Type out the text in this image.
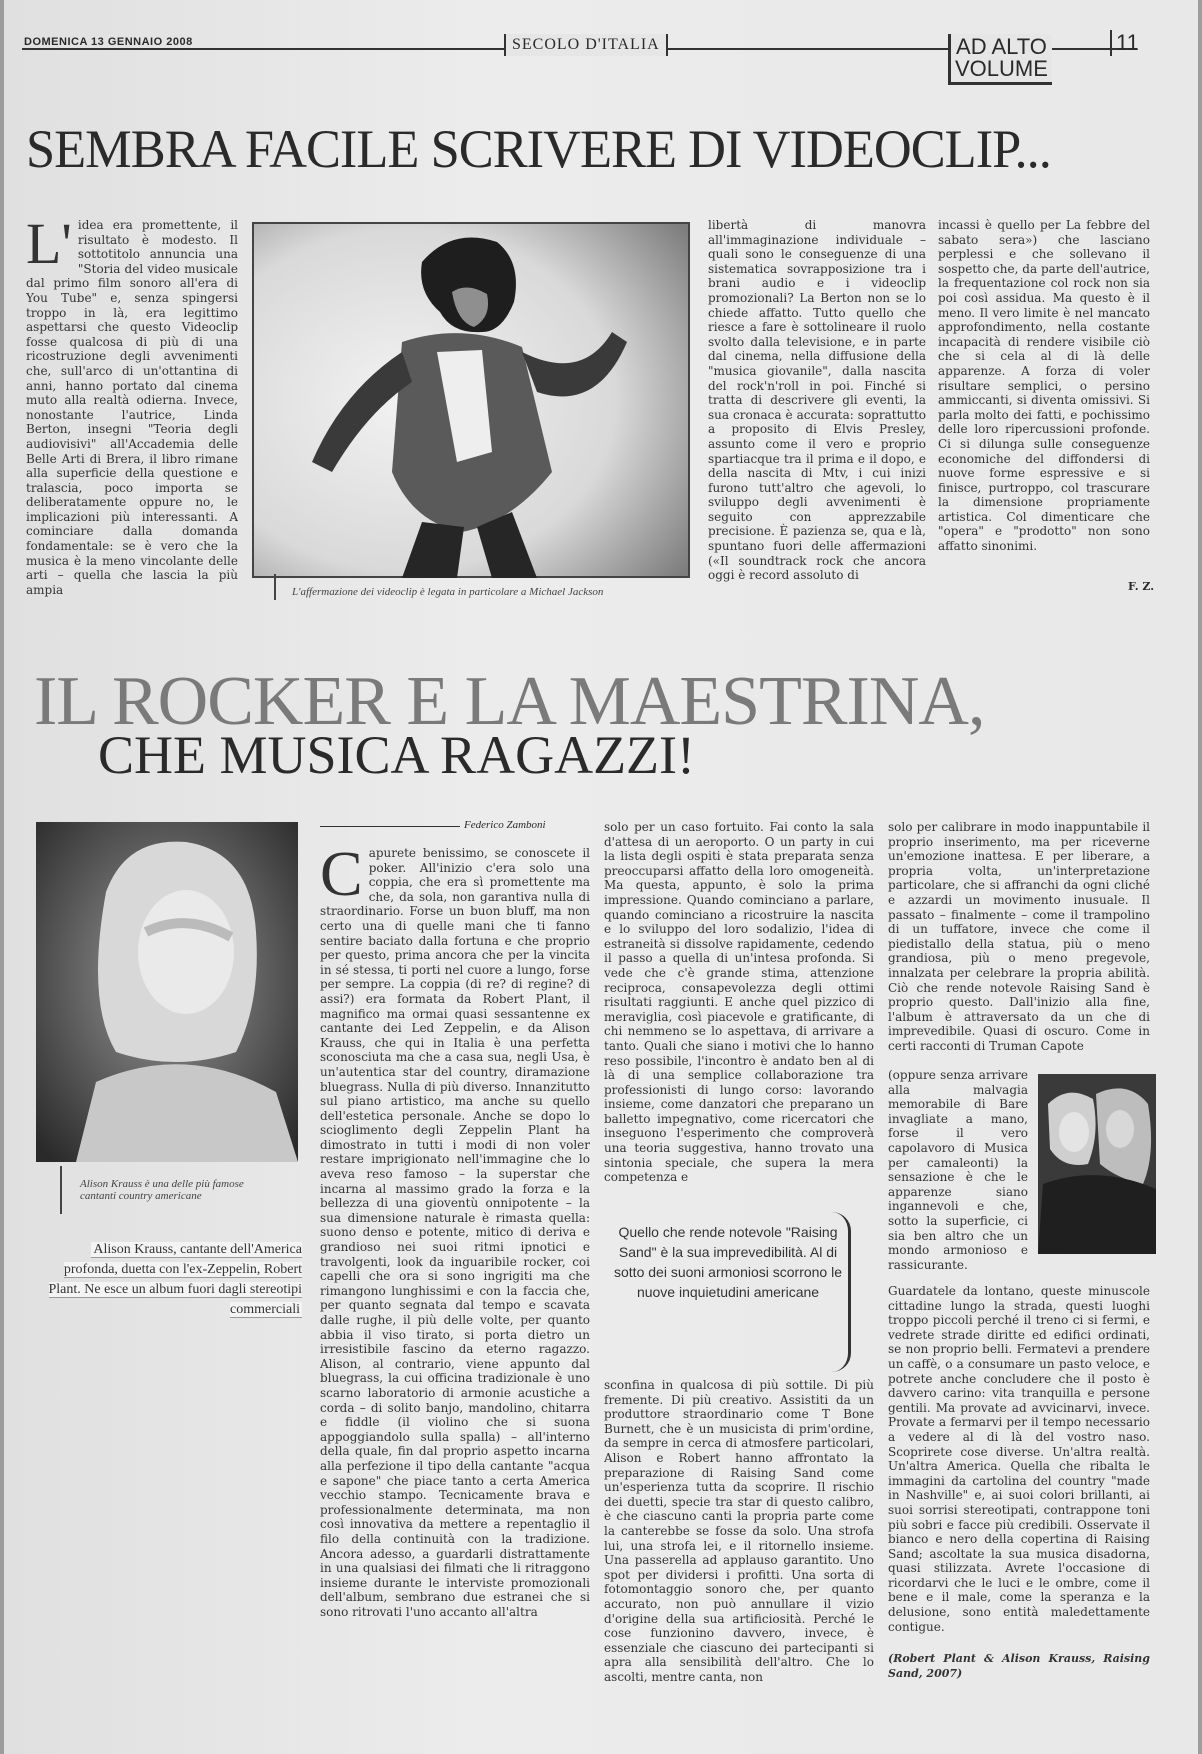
DOMENICA 13 GENNAIO 2008	SECOLO D'ITALIA	AD ALTO
VOLUME
11
SEMBRA FACILE SCRIVERE DI VIDEOCLIP...
L' idea era promettente, il risultato è modesto. Il sottotitolo annuncia una "Storia del video musicale dal primo film sonoro all'era di You Tube" e, senza spingersi troppo in là, era legittimo aspettarsi che questo Videoclip fosse qualcosa di più di una ricostruzione degli avvenimenti che, sull'arco di un'ottantina di anni, hanno portato dal cinema muto alla realtà odierna. Invece, nonostante l'autrice, Linda Berton, insegni "Teoria degli audiovisivi" all'Accademia delle Belle Arti di Brera, il libro rimane alla superficie della questione e tralascia, poco importa se deliberatamente oppure no, le implicazioni più interessanti. A cominciare dalla domanda fondamentale: se è vero che la musica è la meno vincolante delle arti – quella che lascia la più ampia	L'affermazione dei videoclip è legata in particolare a Michael Jackson
libertà di manovra all'immaginazione individuale – quali sono le conseguenze di una sistematica sovrapposizione tra i brani audio e i videoclip promozionali? La Berton non se lo chiede affatto. Tutto quello che riesce a fare è sottolineare il ruolo svolto dalla televisione, e in parte dal cinema, nella diffusione della "musica giovanile", dalla nascita del rock'n'roll in poi. Finché si tratta di descrivere gli eventi, la sua cronaca è accurata: soprattutto a proposito di Elvis Presley, assunto come il vero e proprio spartiacque tra il prima e il dopo, e della nascita di Mtv, i cui inizi furono tutt'altro che agevoli, lo sviluppo degli avvenimenti è seguito con apprezzabile precisione. È pazienza se, qua e là, spuntano fuori delle affermazioni («Il soundtrack rock che ancora oggi è record assoluto di
incassi è quello per La febbre del sabato sera») che lasciano perplessi e che sollevano il sospetto che, da parte dell'autrice, la frequentazione col rock non sia poi così assidua. Ma questo è il meno. Il vero limite è nel mancato approfondimento, nella costante incapacità di rendere visibile ciò che si cela al di là delle apparenze. A forza di voler risultare semplici, o persino ammiccanti, si diventa omissivi. Si parla molto dei fatti, e pochissimo delle loro ripercussioni profonde. Ci si dilunga sulle conseguenze economiche del diffondersi di nuove forme espressive e si finisce, purtroppo, col trascurare la dimensione propriamente artistica. Col dimenticare che "opera" e "prodotto" non sono affatto sinonimi.
F. Z.
IL ROCKER E LA MAESTRINA,
CHE MUSICA RAGAZZI!
Alison Krauss è una delle più famose cantanti country americane
Alison Krauss, cantante dell'America profonda, duetta con l'ex-Zeppelin, Robert Plant. Ne esce un album fuori dagli stereotipi commerciali
Federico Zamboni
C apurete benissimo, se conoscete il poker. All'inizio c'era solo una coppia, che era sì promettente ma che, da sola, non garantiva nulla di straordinario. Forse un buon bluff, ma non certo una di quelle mani che ti fanno sentire baciato dalla fortuna e che proprio per questo, prima ancora che per la vincita in sé stessa, ti porti nel cuore a lungo, forse per sempre. La coppia (di re? di regine? di assi?) era formata da Robert Plant, il magnifico ma ormai quasi sessantenne ex cantante dei Led Zeppelin, e da Alison Krauss, che qui in Italia è una perfetta sconosciuta ma che a casa sua, negli Usa, è un'autentica star del country, diramazione bluegrass. Nulla di più diverso. Innanzitutto sul piano artistico, ma anche su quello dell'estetica personale. Anche se dopo lo scioglimento degli Zeppelin Plant ha dimostrato in tutti i modi di non voler restare imprigionato nell'immagine che lo aveva reso famoso – la superstar che incarna al massimo grado la forza e la bellezza di una gioventù onnipotente – la sua dimensione naturale è rimasta quella: suono denso e potente, mitico di deriva e grandioso nei suoi ritmi ipnotici e travolgenti, look da inguaribile rocker, coi capelli che ora si sono ingrigiti ma che rimangono lunghissimi e con la faccia che, per quanto segnata dal tempo e scavata dalle rughe, il più delle volte, per quanto abbia il viso tirato, si porta dietro un irresistibile fascino da eterno ragazzo. Alison, al contrario, viene appunto dal bluegrass, la cui officina tradizionale è uno scarno laboratorio di armonie acustiche a corda – di solito banjo, mandolino, chitarra e fiddle (il violino che si suona appoggiandolo sulla spalla) – all'interno della quale, fin dal proprio aspetto incarna alla perfezione il tipo della cantante "acqua e sapone" che piace tanto a certa America vecchio stampo. Tecnicamente brava e professionalmente determinata, ma non così innovativa da mettere a repentaglio il filo della continuità con la tradizione. Ancora adesso, a guardarli distrattamente in una qualsiasi dei filmati che li ritraggono insieme durante le interviste promozionali dell'album, sembrano due estranei che si sono ritrovati l'uno accanto all'altra
solo per un caso fortuito. Fai conto la sala d'attesa di un aeroporto. O un party in cui la lista degli ospiti è stata preparata senza preoccuparsi affatto della loro omogeneità. Ma questa, appunto, è solo la prima impressione. Quando cominciano a parlare, quando cominciano a ricostruire la nascita e lo sviluppo del loro sodalizio, l'idea di estraneità si dissolve rapidamente, cedendo il passo a quella di un'intesa profonda. Si vede che c'è grande stima, attenzione reciproca, consapevolezza degli ottimi risultati raggiunti. E anche quel pizzico di meraviglia, così piacevole e gratificante, di chi nemmeno se lo aspettava, di arrivare a tanto. Quali che siano i motivi che lo hanno reso possibile, l'incontro è andato ben al di là di una semplice collaborazione tra professionisti di lungo corso: lavorando insieme, come danzatori che preparano un balletto impegnativo, come ricercatori che inseguono l'esperimento che comproverà una teoria suggestiva, hanno trovato una sintonia speciale, che supera la mera competenza e
Quello che rende notevole "Raising Sand" è la sua imprevedibilità. Al di sotto dei suoni armoniosi scorrono le nuove inquietudini americane
sconfina in qualcosa di più sottile. Di più fremente. Di più creativo. Assistiti da un produttore straordinario come T Bone Burnett, che è un musicista di prim'ordine, da sempre in cerca di atmosfere particolari, Alison e Robert hanno affrontato la preparazione di Raising Sand come un'esperienza tutta da scoprire. Il rischio dei duetti, specie tra star di questo calibro, è che ciascuno canti la propria parte come la canterebbe se fosse da solo. Una strofa lui, una strofa lei, e il ritornello insieme. Una passerella ad applauso garantito. Uno spot per dividersi i profitti. Una sorta di fotomontaggio sonoro che, per quanto accurato, non può annullare il vizio d'origine della sua artificiosità. Perché le cose funzionino davvero, invece, è essenziale che ciascuno dei partecipanti si apra alla sensibilità dell'altro. Che lo ascolti, mentre canta, non
solo per calibrare in modo inappuntabile il proprio inserimento, ma per riceverne un'emozione inattesa. E per liberare, a propria volta, un'interpretazione particolare, che si affranchi da ogni cliché e azzardi un movimento inusuale. Il passato – finalmente – come il trampolino di un tuffatore, invece che come il piedistallo della statua, più o meno grandiosa, più o meno pregevole, innalzata per celebrare la propria abilità. Ciò che rende notevole Raising Sand è proprio questo. Dall'inizio alla fine, l'album è attraversato da un che di imprevedibile. Quasi di oscuro. Come in certi racconti di Truman Capote
(oppure senza arrivare alla malvagia memorabile di Bare invagliate a mano, forse il vero capolavoro di Musica per camaleonti) la sensazione è che le apparenze siano ingannevoli e che, sotto la superficie, ci sia ben altro che un mondo armonioso e rassicurante.
Guardatele da lontano, queste minuscole cittadine lungo la strada, questi luoghi troppo piccoli perché il treno ci si fermi, e vedrete strade diritte ed edifici ordinati, se non proprio belli. Fermatevi a prendere un caffè, o a consumare un pasto veloce, e potrete anche concludere che il posto è davvero carino: vita tranquilla e persone gentili. Ma provate ad avvicinarvi, invece. Provate a fermarvi per il tempo necessario a vedere al di là del vostro naso. Scoprirete cose diverse. Un'altra realtà. Un'altra America. Quella che ribalta le immagini da cartolina del country "made in Nashville" e, ai suoi colori brillanti, ai suoi sorrisi stereotipati, contrappone toni più sobri e facce più credibili. Osservate il bianco e nero della copertina di Raising Sand; ascoltate la sua musica disadorna, quasi stilizzata. Avrete l'occasione di ricordarvi che le luci e le ombre, come il bene e il male, come la speranza e la delusione, sono entità maledettamente contigue.
(Robert Plant & Alison Krauss, Raising Sand, 2007)
